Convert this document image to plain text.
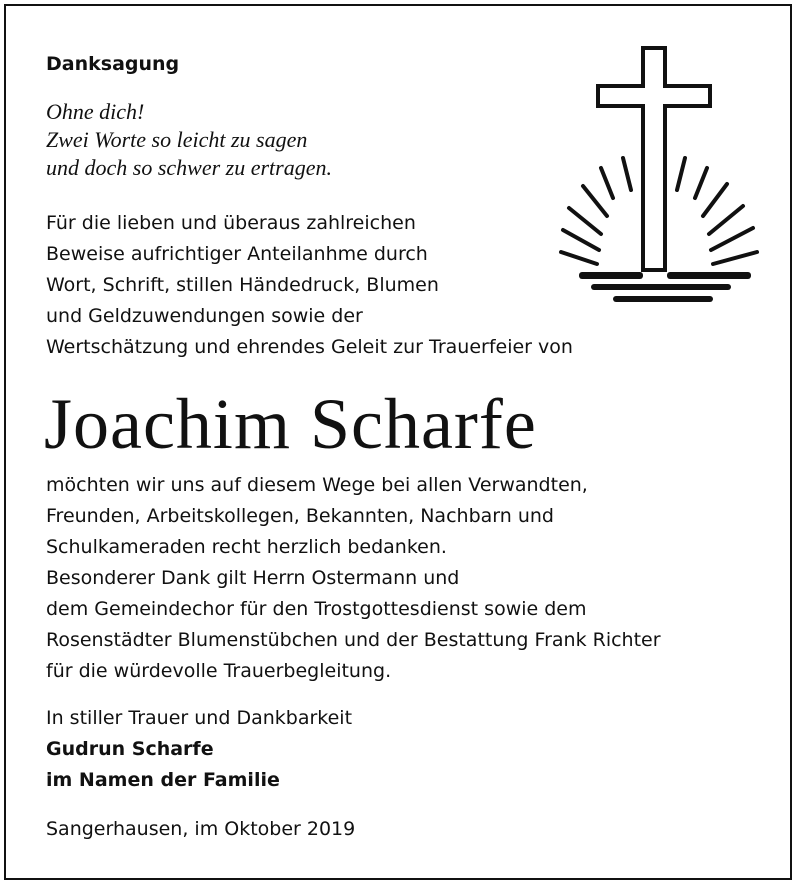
Danksagung
Ohne dich!
Zwei Worte so leicht zu sagen
und doch so schwer zu ertragen.
Für die lieben und überaus zahlreichen
Beweise aufrichtiger Anteilanhme durch
Wort, Schrift, stillen Händedruck, Blumen
und Geldzuwendungen sowie der
Wertschätzung und ehrendes Geleit zur Trauerfeier von
Joachim Scharfe
möchten wir uns auf diesem Wege bei allen Verwandten,
Freunden, Arbeitskollegen, Bekannten, Nachbarn und
Schulkameraden recht herzlich bedanken.
Besonderer Dank gilt Herrn Ostermann und
dem Gemeindechor für den Trostgottesdienst sowie dem
Rosenstädter Blumenstübchen und der Bestattung Frank Richter
für die würdevolle Trauerbegleitung.
In stiller Trauer und Dankbarkeit
Gudrun Scharfe
im Namen der Familie
Sangerhausen, im Oktober 2019
